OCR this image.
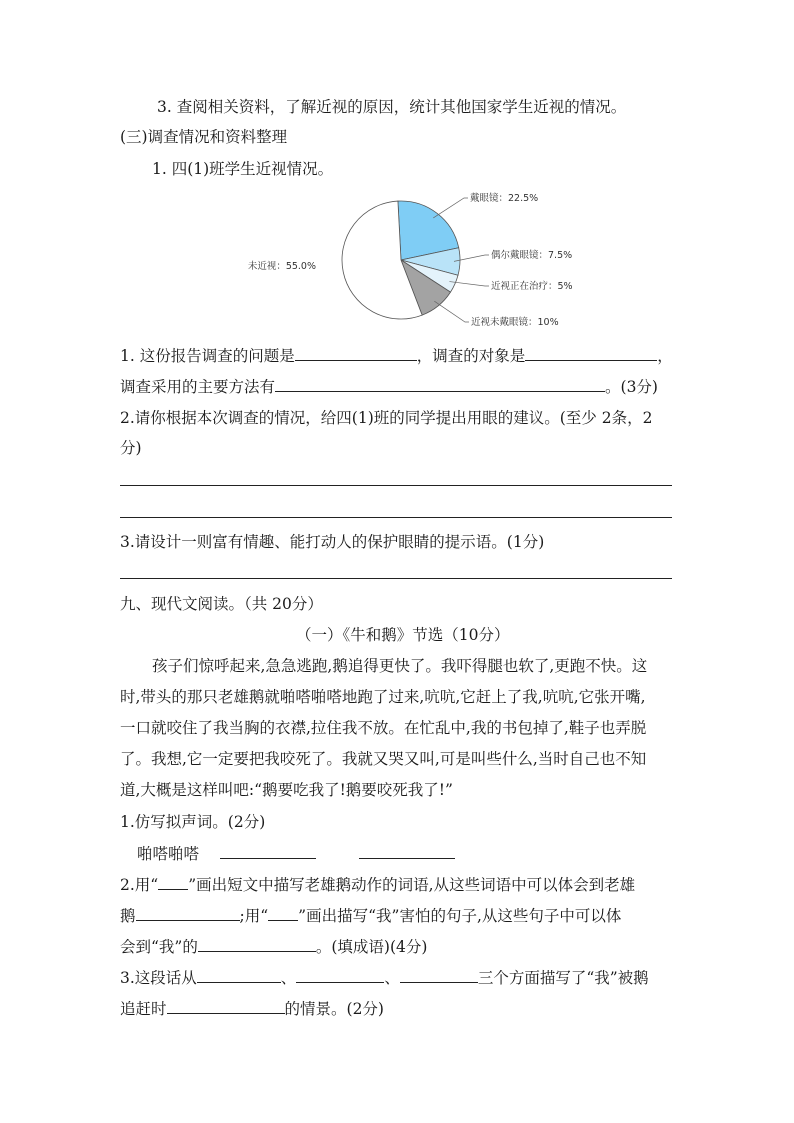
3. 查阅相关资料，了解近视的原因，统计其他国家学生近视的情况。
(三)调查情况和资料整理
1. 四(1)班学生近视情况。
戴眼镜：22.5%
偶尔戴眼镜：7.5%
近视正在治疗：5%
近视未戴眼镜：10%
未近视：55.0%
1. 这份报告调查的问题是	，调查的对象是	，
调查采用的主要方法有	。(3分)
2.请你根据本次调查的情况，给四(1)班的同学提出用眼的建议。(至少 2条，2
分)
3.请设计一则富有情趣、能打动人的保护眼睛的提示语。(1分)
九、现代文阅读。（共 20分）
（一）《牛和鹅》节选（10分）
孩子们惊呼起来,急急逃跑,鹅追得更快了。我吓得腿也软了,更跑不快。这
时,带头的那只老雄鹅就啪嗒啪嗒地跑了过来,吭吭,它赶上了我,吭吭,它张开嘴,
一口就咬住了我当胸的衣襟,拉住我不放。在忙乱中,我的书包掉了,鞋子也弄脱
了。我想,它一定要把我咬死了。我就又哭又叫,可是叫些什么,当时自己也不知
道,大概是这样叫吧:“鹅要吃我了!鹅要咬死我了!”
1.仿写拟声词。(2分)
啪嗒啪嗒
2.用“ ”画出短文中描写老雄鹅动作的词语,从这些词语中可以体会到老雄
鹅	;用“ ”画出描写“我”害怕的句子,从这些句子中可以体
会到“我”的	。(填成语)(4分)
3.这段话从	、	、	三个方面描写了“我”被鹅
追赶时	的情景。(2分)
